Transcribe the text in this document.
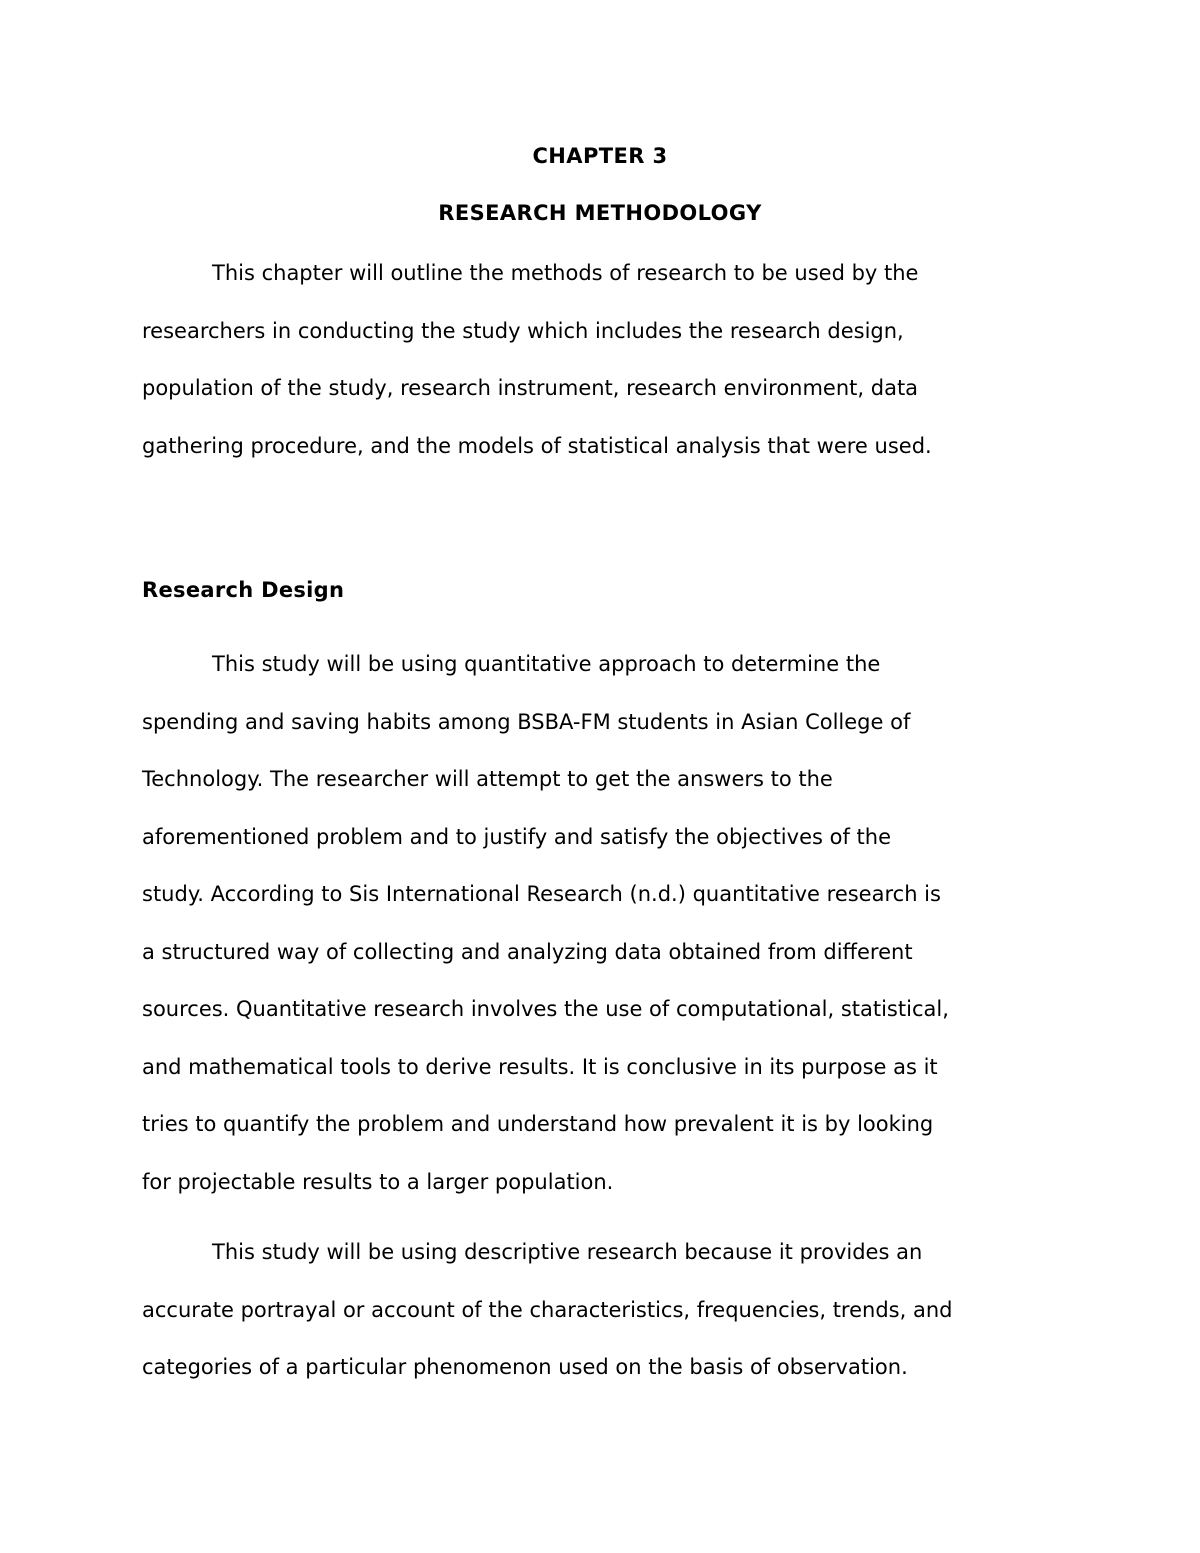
CHAPTER 3
RESEARCH METHODOLOGY

This chapter will outline the methods of research to be used by the
researchers in conducting the study which includes the research design,
population of the study, research instrument, research environment, data
gathering procedure, and the models of statistical analysis that were used.

Research Design

This study will be using quantitative approach to determine the
spending and saving habits among BSBA-FM students in Asian College of
Technology. The researcher will attempt to get the answers to the
aforementioned problem and to justify and satisfy the objectives of the
study. According to Sis International Research (n.d.) quantitative research is
a structured way of collecting and analyzing data obtained from different
sources. Quantitative research involves the use of computational, statistical,
and mathematical tools to derive results. It is conclusive in its purpose as it
tries to quantify the problem and understand how prevalent it is by looking
for projectable results to a larger population.

This study will be using descriptive research because it provides an
accurate portrayal or account of the characteristics, frequencies, trends, and
categories of a particular phenomenon used on the basis of observation.
